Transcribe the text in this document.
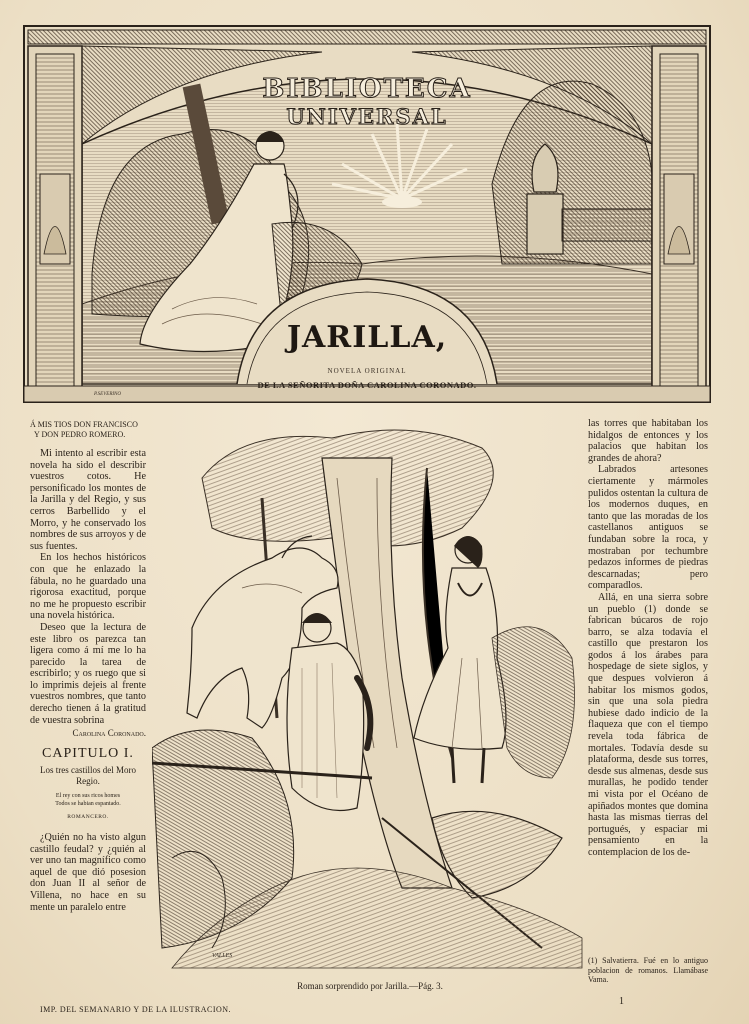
BIBLIOTECA
UNIVERSAL
JARILLA,
NOVELA ORIGINAL
DE LA SEÑORITA DOÑA CAROLINA CORONADO.
P.SEVERINO
Á MIS TIOS DON FRANCISCO
Y DON PEDRO ROMERO.

Mi intento al escribir esta novela ha sido el describir vuestros cotos. He personificado los montes de la Jarilla y del Regio, y sus cerros Barbellido y el Morro, y he conservado los nombres de sus arroyos y de sus fuentes.

En los hechos históricos con que he enlazado la fábula, no he guardado una rigorosa exactitud, porque no me he propuesto escribir una novela histórica.

Deseo que la lectura de este libro os parezca tan ligera como á mí me lo ha parecido la tarea de escribirlo; y os ruego que si lo imprimis dejeis al frente vuestros nombres, que tanto derecho tienen á la gratitud de vuestra sobrina

Carolina Coronado.
CAPITULO I.
Los tres castillos del Moro Regio.
El rey con sus ricos homes
Todos se habian espantado.
ROMANCERO.

¿Quién no ha visto algun castillo feudal? y ¿quién al ver uno tan magnífico como aquel de que dió posesion don Juan II al señor de Villena, no hace en su mente un paralelo entre

VALLES
Roman sorprendido por Jarilla.—Pág. 3.

las torres que habitaban los hidalgos de entonces y los palacios que habitan los grandes de ahora?

Labrados artesones ciertamente y mármoles pulidos ostentan la cultura de los modernos duques, en tanto que las moradas de los castellanos antiguos se fundaban sobre la roca, y mostraban por techumbre pedazos informes de piedras descarnadas; pero comparadlos.

Allá, en una sierra sobre un pueblo (1) donde se fabrican búcaros de rojo barro, se alza todavía el castillo que prestaron los godos á los árabes para hospedage de siete siglos, y que despues volvieron á habitar los mismos godos, sin que una sola piedra hubiese dado indicio de la flaqueza que con el tiempo revela toda fábrica de mortales. Todavía desde su plataforma, desde sus torres, desde sus almenas, desde sus murallas, he podido tender mi vista por el Océano de apiñados montes que domina hasta las mismas tierras del portugués, y espaciar mi pensamiento en la contemplacion de los de-

(1) Salvatierra. Fué en lo antiguo poblacion de romanos. Llamábase Vama.
1
IMP. DEL SEMANARIO Y DE LA ILUSTRACION.
